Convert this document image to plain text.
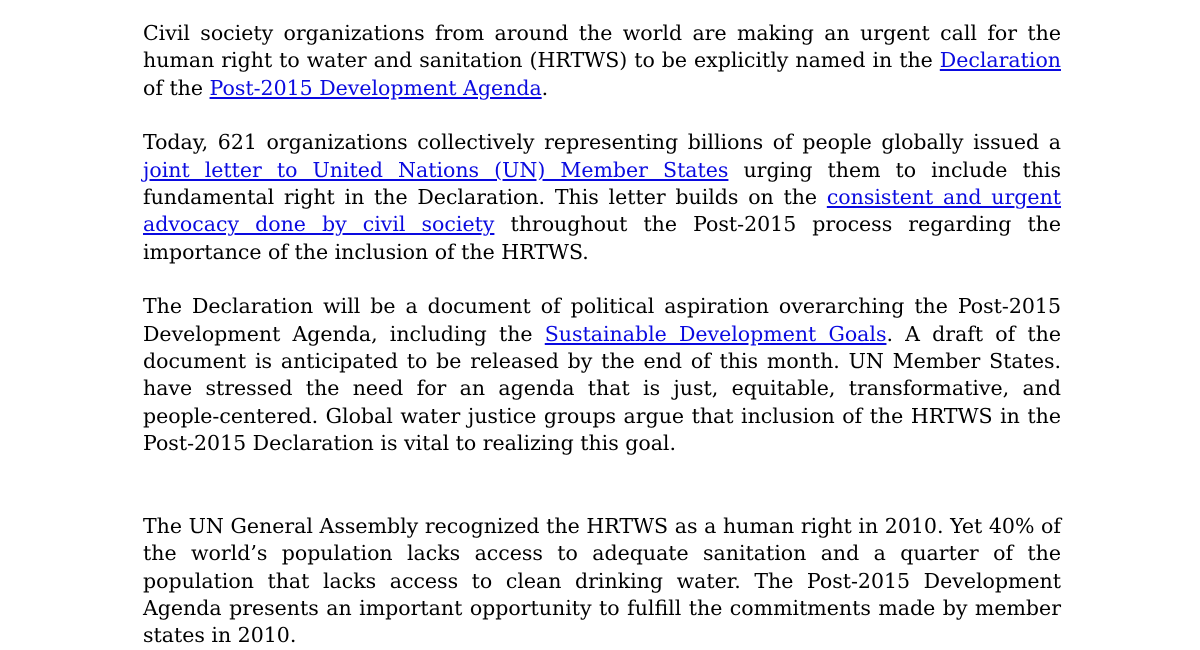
Civil society organizations from around the world are making an urgent call for the human right to water and sanitation (HRTWS) to be explicitly named in the Declaration of the Post-2015 Development Agenda.

Today, 621 organizations collectively representing billions of people globally issued a joint letter to United Nations (UN) Member States urging them to include this fundamental right in the Declaration. This letter builds on the consistent and urgent advocacy done by civil society throughout the Post-2015 process regarding the importance of the inclusion of the HRTWS.

The Declaration will be a document of political aspiration overarching the Post-2015 Development Agenda, including the Sustainable Development Goals. A draft of the document is anticipated to be released by the end of this month. UN Member States. have stressed the need for an agenda that is just, equitable, transformative, and people-centered. Global water justice groups argue that inclusion of the HRTWS in the Post-2015 Declaration is vital to realizing this goal.

The UN General Assembly recognized the HRTWS as a human right in 2010. Yet 40% of the world’s population lacks access to adequate sanitation and a quarter of the population that lacks access to clean drinking water. The Post-2015 Development Agenda presents an important opportunity to fulfill the commitments made by member states in 2010.
